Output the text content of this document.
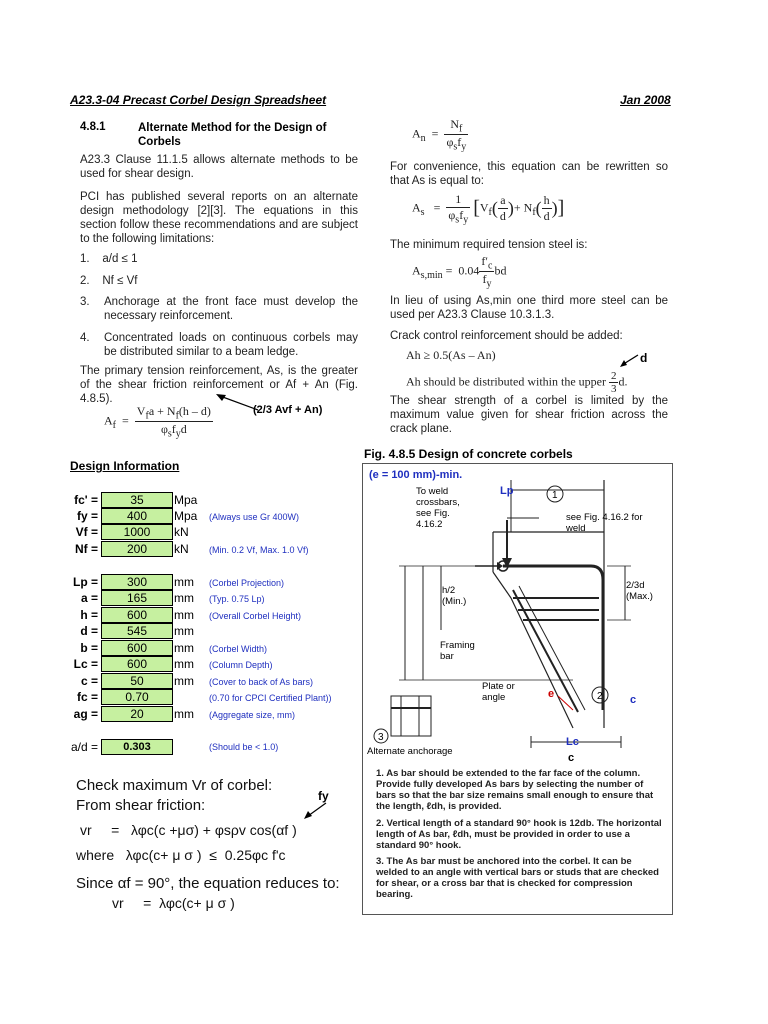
A23.3-04 Precast Corbel Design Spreadsheet	Jan 2008
4.8.1	Alternate Method for the Design of
Corbels
A23.3 Clause 11.1.5 allows alternate methods to be used for shear design.
PCI has published several reports on an alternate design methodology [2][3]. The equations in this section follow these recommendations and are subject to the following limitations:
1. a/d ≤ 1
2. Nf ≤ Vf
3.	Anchorage at the front face must develop the necessary reinforcement.
4.	Concentrated loads on continuous corbels may be distributed similar to a beam ledge.
The primary tension reinforcement, As, is the greater of the shear friction reinforcement or Af + An (Fig. 4.8.5).
$A_f = \frac{V_fa + N_f(h - d)}{\varphi_sf_yd}$	(2/3 Avf + An)
$A_n = \frac{N_f}{\varphi_sf_y}$
For convenience, this equation can be rewritten so that As is equal to:
$A_s = \frac{1}{\varphi_sf_y} [V_f( \frac{a}{d}$ )+ $N_f( \frac{h}{d}$ )]
The minimum required tension steel is:
$A_{s,min} = 0.04 \frac{f'_c}{f_y}$ bd
In lieu of using As,min one third more steel can be used per A23.3 Clause 10.3.1.3.
Crack control reinforcement should be added:
Ah ≥ 0.5(As – An)
Ah should be distributed within the upper $\frac{2}{3} d$.
d
The shear strength of a corbel is limited by the maximum value given for shear friction across the crack plane.
Design Information
fc' =	35	Mpa
fy =	400	Mpa (Always use Gr 400W)
Vf =	1000	kN
Nf =	200	kN (Min. 0.2 Vf, Max. 1.0 Vf)
Lp =	300	mm (Corbel Projection)
a =	165	mm (Typ. 0.75 Lp)
h =	600	mm (Overall Corbel Height)
d =	545	mm
b =	600	mm (Corbel Width)
Lc =	600	mm (Column Depth)
c =	50	mm (Cover to back of As bars)
fc =	0.70	(0.70 for CPCI Certified Plant))
ag =	20	mm (Aggregate size, mm)
a/d =	0.303	(Should be < 1.0)
Check maximum Vr of corbel:
From shear friction:
fy
vr     =   λφc(c +μσ) + φsρv cos(αf )
where   λφc(c+ μ σ )  ≤  0.25φc f'c
Since αf = 90°, the equation reduces to:
vr     =  λφc(c+ μ σ )
Fig. 4.8.5 Design of concrete corbels
(e = 100 mm)-min.
1
2
3
Lp
To weld crossbars, see Fig. 4.16.2
see Fig. 4.16.2 for weld
Framing bar
Plate or angle
h/2 (Min.)
2/3d (Max.)
e	c
Alternate anchorage
Lc
c
1. As bar should be extended to the far face of the column. Provide fully developed As bars by selecting the number of bars so that the bar size remains small enough to ensure that the length, ℓdh, is provided.
2. Vertical length of a standard 90° hook is 12db. The horizontal length of As bar, ℓdh, must be provided in order to use a standard 90° hook.
3. The As bar must be anchored into the corbel. It can be welded to an angle with vertical bars or studs that are checked for shear, or a cross bar that is checked for compression bearing.
